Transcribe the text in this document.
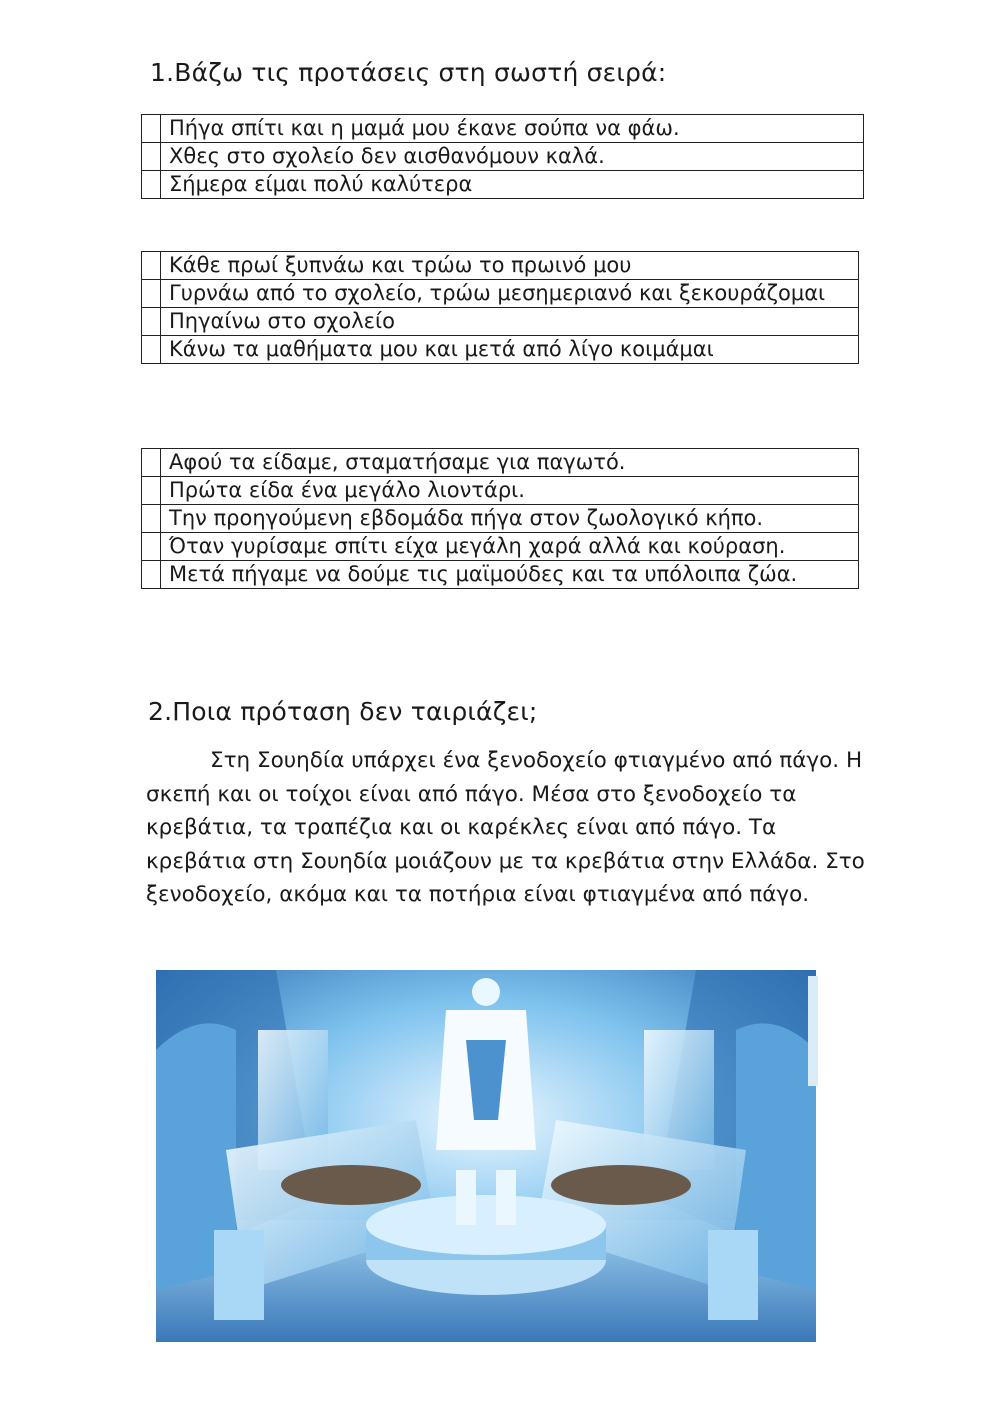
1.Βάζω τις προτάσεις στη σωστή σειρά:
	Πήγα σπίτι και η μαμά μου έκανε σούπα να φάω.
	Χθες στο σχολείο δεν αισθανόμουν καλά.
	Σήμερα είμαι πολύ καλύτερα
	Κάθε πρωί ξυπνάω και τρώω το πρωινό μου
	Γυρνάω από το σχολείο, τρώω μεσημεριανό και ξεκουράζομαι
	Πηγαίνω στο σχολείο
	Κάνω τα μαθήματα μου και μετά από λίγο κοιμάμαι
	Αφού τα είδαμε, σταματήσαμε για παγωτό.
	Πρώτα είδα ένα μεγάλο λιοντάρι.
	Την προηγούμενη εβδομάδα πήγα στον ζωολογικό κήπο.
	Όταν γυρίσαμε σπίτι είχα μεγάλη χαρά αλλά και κούραση.
	Μετά πήγαμε να δούμε τις μαϊμούδες και τα υπόλοιπα ζώα.
2.Ποια πρόταση δεν ταιριάζει;
Στη Σουηδία υπάρχει ένα ξενοδοχείο φτιαγμένο από πάγο. Η σκεπή και οι τοίχοι είναι από πάγο. Μέσα στο ξενοδοχείο τα κρεβάτια, τα τραπέζια και οι καρέκλες είναι από πάγο. Τα κρεβάτια στη Σουηδία μοιάζουν με τα κρεβάτια στην Ελλάδα. Στο ξενοδοχείο, ακόμα και τα ποτήρια είναι φτιαγμένα από πάγο.
